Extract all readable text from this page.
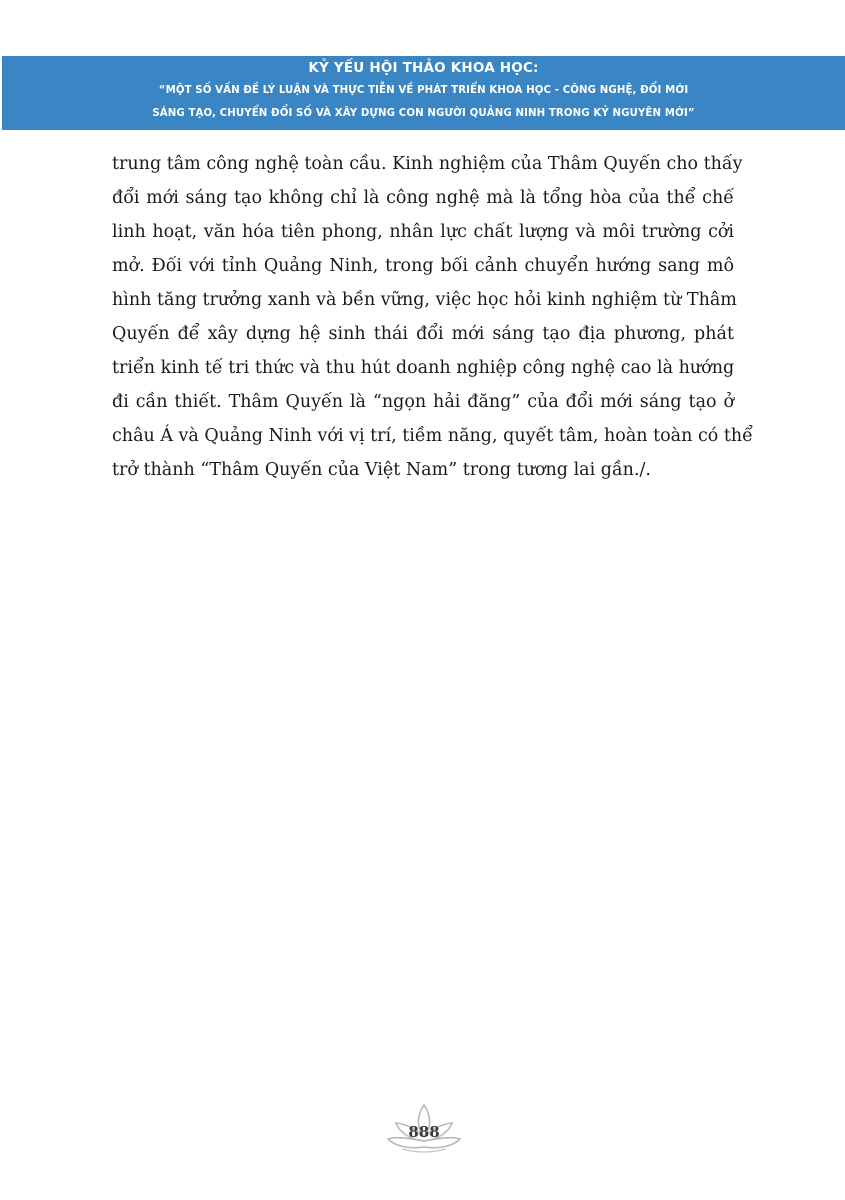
KỶ YẾU HỘI THẢO KHOA HỌC:
“MỘT SỐ VẤN ĐỀ LÝ LUẬN VÀ THỰC TIỄN VỀ PHÁT TRIỂN KHOA HỌC - CÔNG NGHỆ, ĐỔI MỚI
SÁNG TẠO, CHUYỂN ĐỔI SỐ VÀ XÂY DỰNG CON NGƯỜI QUẢNG NINH TRONG KỶ NGUYÊN MỚI”
trung tâm công nghệ toàn cầu. Kinh nghiệm của Thâm Quyến cho thấy
đổi mới sáng tạo không chỉ là công nghệ mà là tổng hòa của thể chế
linh hoạt, văn hóa tiên phong, nhân lực chất lượng và môi trường cởi
mở. Đối với tỉnh Quảng Ninh, trong bối cảnh chuyển hướng sang mô
hình tăng trưởng xanh và bền vững, việc học hỏi kinh nghiệm từ Thâm
Quyến để xây dựng hệ sinh thái đổi mới sáng tạo địa phương, phát
triển kinh tế tri thức và thu hút doanh nghiệp công nghệ cao là hướng
đi cần thiết. Thâm Quyến là “ngọn hải đăng” của đổi mới sáng tạo ở
châu Á và Quảng Ninh với vị trí, tiềm năng, quyết tâm, hoàn toàn có thể
trở thành “Thâm Quyến của Việt Nam” trong tương lai gần./.
888
